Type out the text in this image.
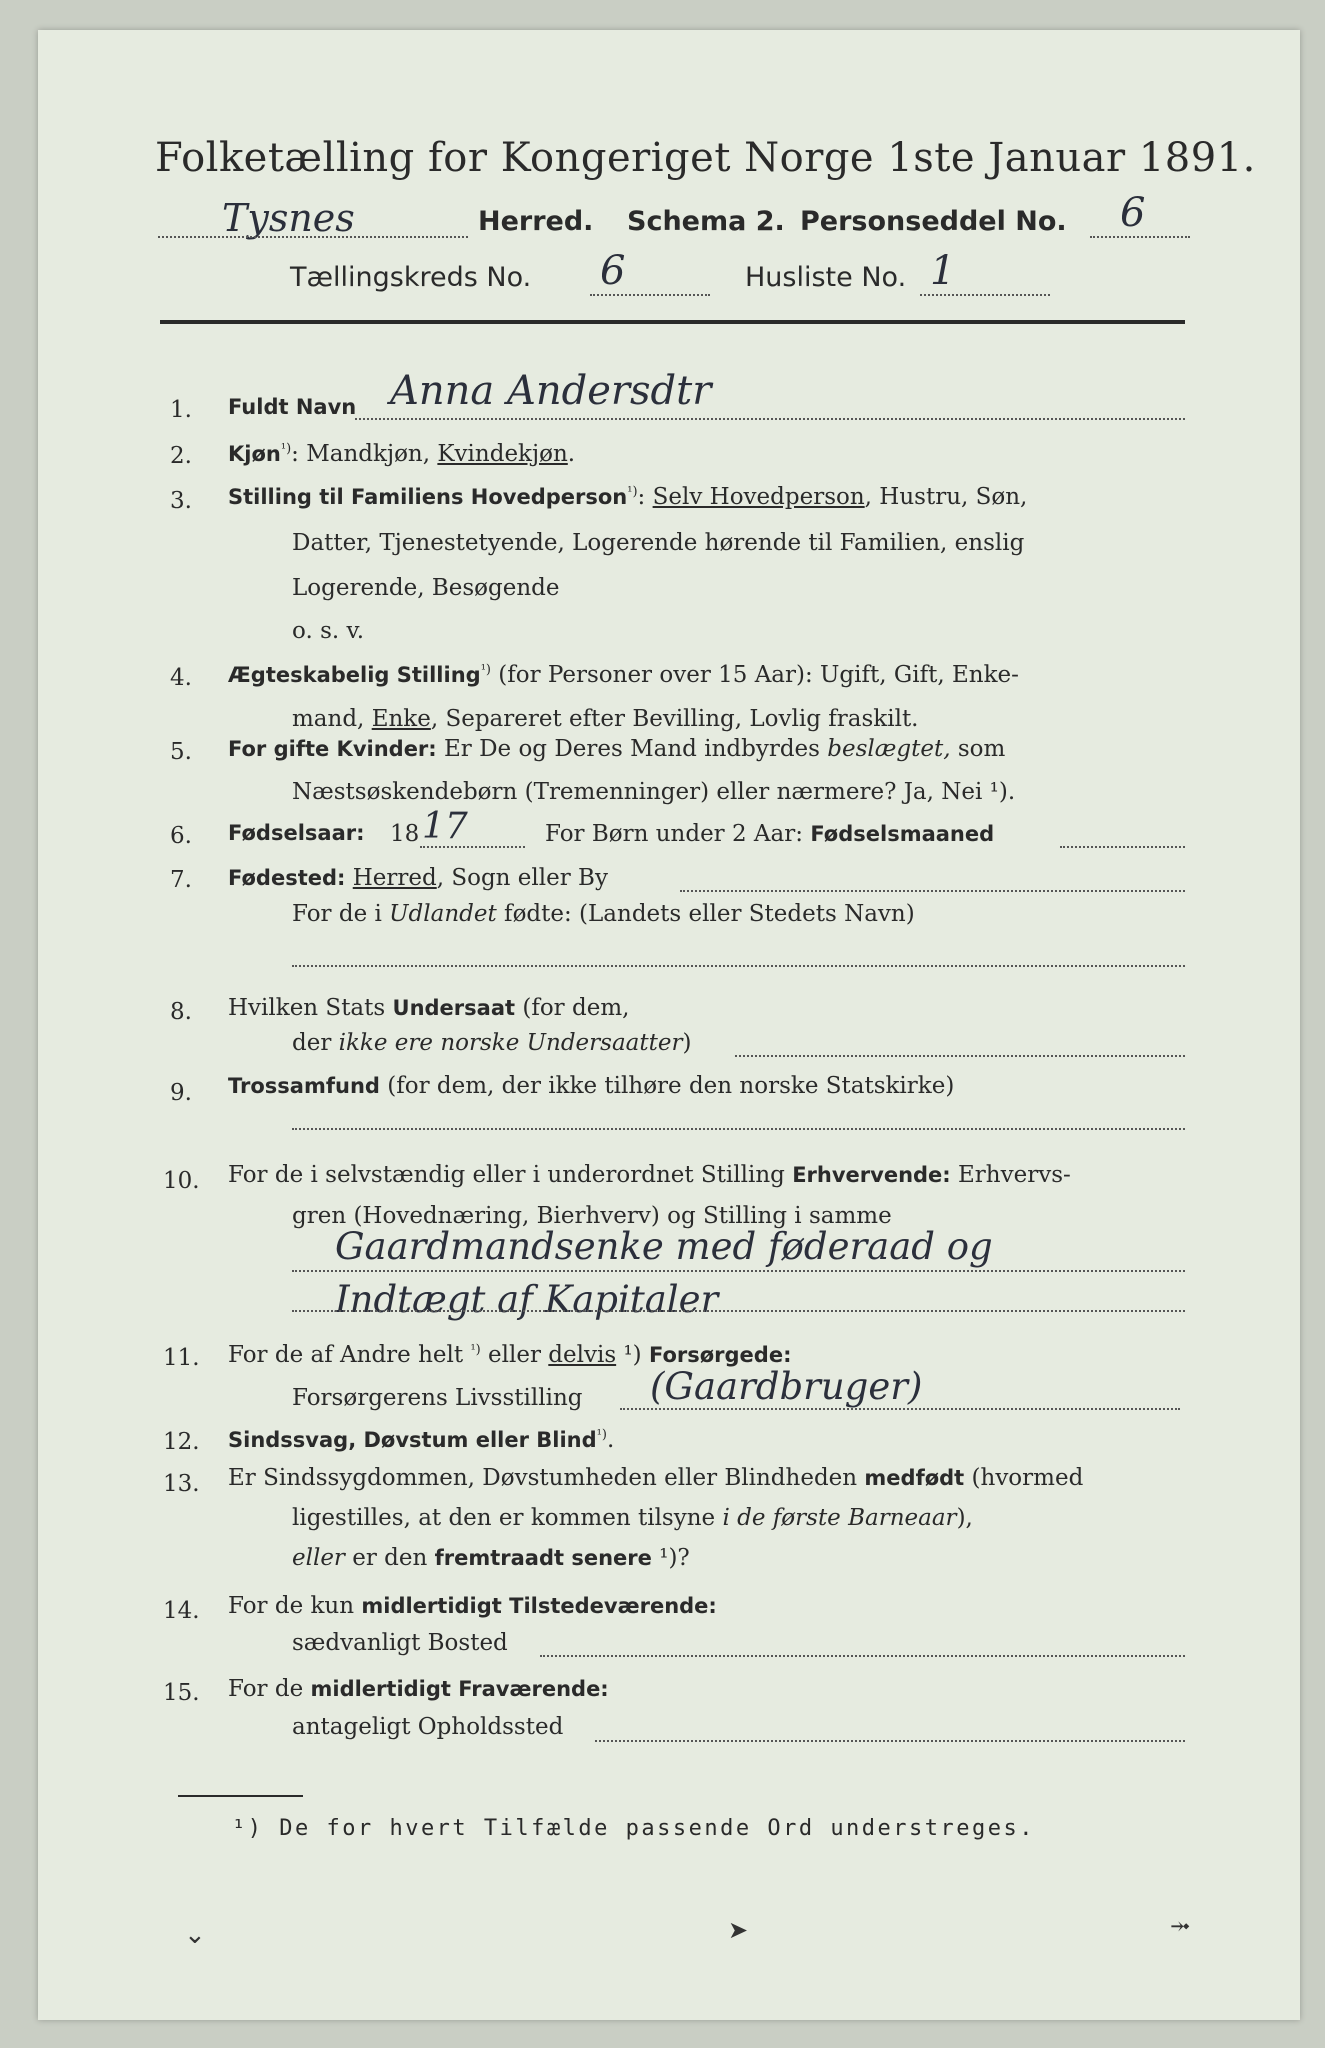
Folketælling for Kongeriget Norge 1ste Januar 1891.
Tysnes	Herred. Schema 2. Personseddel No. 6
Tællingskreds No. 6	Husliste No. 1
1. Fuldt Navn Anna Andersdtr
2. Kjøn$^{^1)}$: Mandkjøn, Kvindekjøn.
3. Stilling til Familiens Hovedperson$^{^1)}$: Selv Hovedperson, Hustru, Søn,
Datter, Tjenestetyende, Logerende hørende til Familien, enslig
Logerende, Besøgende
o. s. v.
4. Ægteskabelig Stilling$^{^1)}$ (for Personer over 15 Aar): Ugift, Gift, Enke-
mand, Enke, Separeret efter Bevilling, Lovlig fraskilt.
5. For gifte Kvinder: Er De og Deres Mand indbyrdes beslægtet, som
Næstsøskendebørn (Tremenninger) eller nærmere? Ja, Nei ¹).
6. Fødselsaar: 18 17	For Børn under 2 Aar: Fødselsmaaned
7. Fødested: Herred, Sogn eller By
For de i Udlandet fødte: (Landets eller Stedets Navn)
8. Hvilken Stats Undersaat (for dem,
der ikke ere norske Undersaatter)
9. Trossamfund (for dem, der ikke tilhøre den norske Statskirke)
10. For de i selvstændig eller i underordnet Stilling Erhvervende: Erhvervs-
gren (Hovednæring, Bierhverv) og Stilling i samme
Gaardmandsenke med føderaad og
Indtægt af Kapitaler
11. For de af Andre helt $^{^1)}$ eller delvis ¹) Forsørgede:
Forsørgerens Livsstilling (Gaardbruger)
12. Sindssvag, Døvstum eller Blind$^{^1)}$.
13. Er Sindssygdommen, Døvstumheden eller Blindheden medfødt (hvormed
ligestilles, at den er kommen tilsyne i de første Barneaar),
eller er den fremtraadt senere ¹)?
14. For de kun midlertidigt Tilstedeværende:
sædvanligt Bosted
15. For de midlertidigt Fraværende:
antageligt Opholdssted
¹) De for hvert Tilfælde passende Ord understreges.
⌄	➤	⤞
